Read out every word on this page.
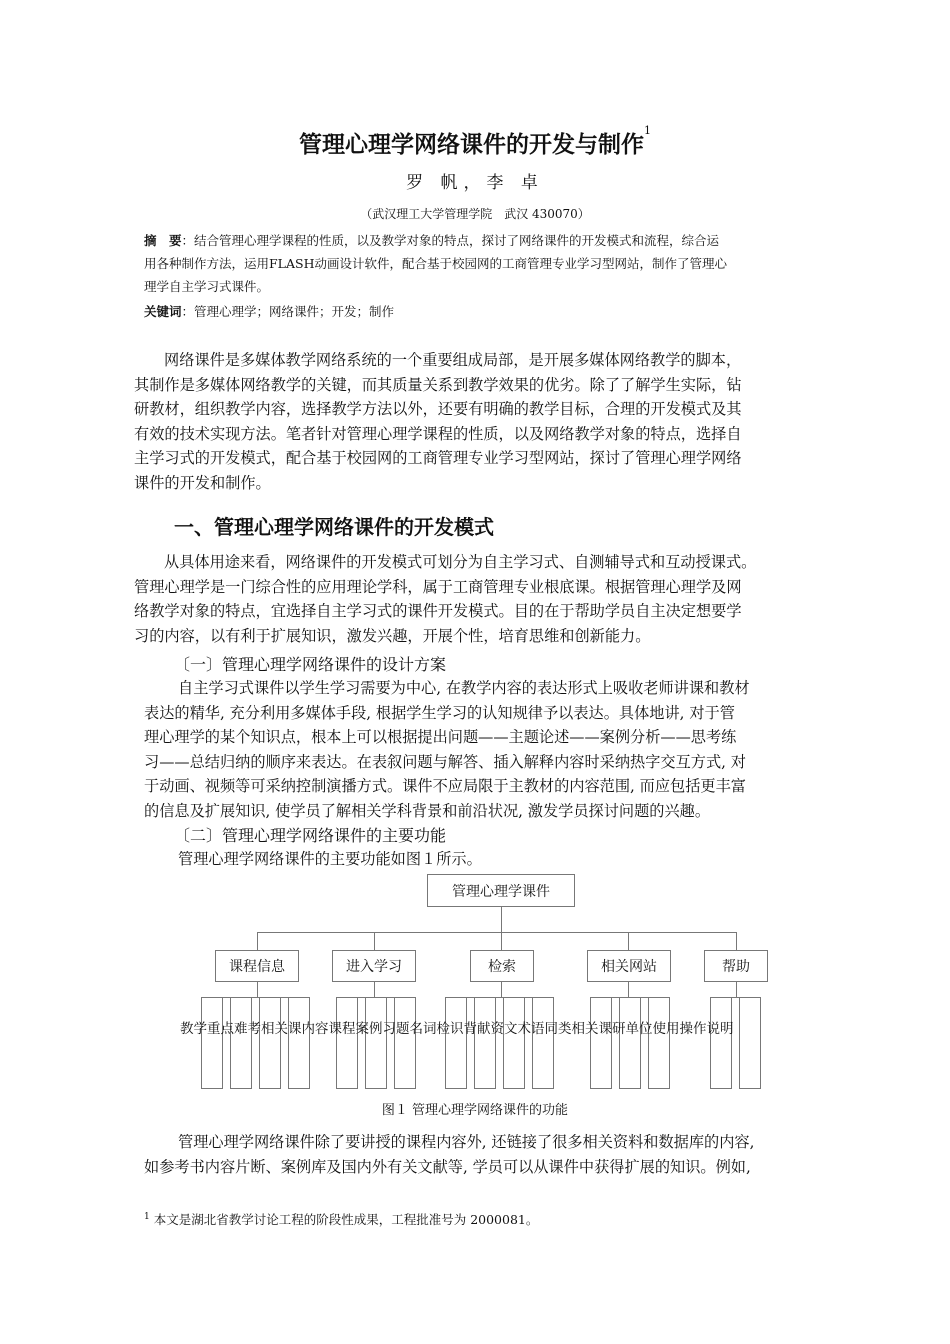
管理心理学网络课件的开发与制作$^1$
罗 帆，李 卓
（武汉理工大学管理学院　武汉 430070）
摘　要：结合管理心理学课程的性质，以及教学对象的特点，探讨了网络课件的开发模式和流程，综合运
用各种制作方法，运用FLASH动画设计软件，配合基于校园网的工商管理专业学习型网站，制作了管理心
理学自主学习式课件。
关键词：管理心理学；网络课件；开发；制作

网络课件是多媒体教学网络系统的一个重要组成局部，是开展多媒体网络教学的脚本，

其制作是多媒体网络教学的关键，而其质量关系到教学效果的优劣。除了了解学生实际，钻

研教材，组织教学内容，选择教学方法以外，还要有明确的教学目标，合理的开发模式及其

有效的技术实现方法。笔者针对管理心理学课程的性质，以及网络教学对象的特点，选择自

主学习式的开发模式，配合基于校园网的工商管理专业学习型网站，探讨了管理心理学网络

课件的开发和制作。

一、管理心理学网络课件的开发模式

从具体用途来看，网络课件的开发模式可划分为自主学习式、自测辅导式和互动授课式。

管理心理学是一门综合性的应用理论学科，属于工商管理专业根底课。根据管理心理学及网

络教学对象的特点，宜选择自主学习式的课件开发模式。目的在于帮助学员自主决定想要学

习的内容，以有利于扩展知识，激发兴趣，开展个性，培育思维和创新能力。

〔一〕管理心理学网络课件的设计方案

自主学习式课件以学生学习需要为中心, 在教学内容的表达形式上吸收老师讲课和教材

表达的精华, 充分利用多媒体手段, 根据学生学习的认知规律予以表达。具体地讲, 对于管

理心理学的某个知识点，根本上可以根据提出问题——主题论述——案例分析——思考练

习——总结归纳的顺序来表达。在表叙问题与解答、插入解释内容时采纳热字交互方式, 对

于动画、视频等可采纳控制演播方式。课件不应局限于主教材的内容范围, 而应包括更丰富

的信息及扩展知识, 使学员了解相关学科背景和前沿状况, 激发学员探讨问题的兴趣。

〔二〕管理心理学网络课件的主要功能
管理心理学网络课件的主要功能如图１所示。
管理心理学课件
课程信息	进入学习	检索	相关网站	帮助
教学重点难考相关课内容课程案例习题名词检识背献资文术语同类相关课研单位使用操作说明
图１ 管理心理学网络课件的功能

管理心理学网络课件除了要讲授的课程内容外, 还链接了很多相关资料和数据库的内容,

如参考书内容片断、案例库及国内外有关文献等, 学员可以从课件中获得扩展的知识。例如,

$^1$ 本文是湖北省教学讨论工程的阶段性成果，工程批准号为 2000081。
